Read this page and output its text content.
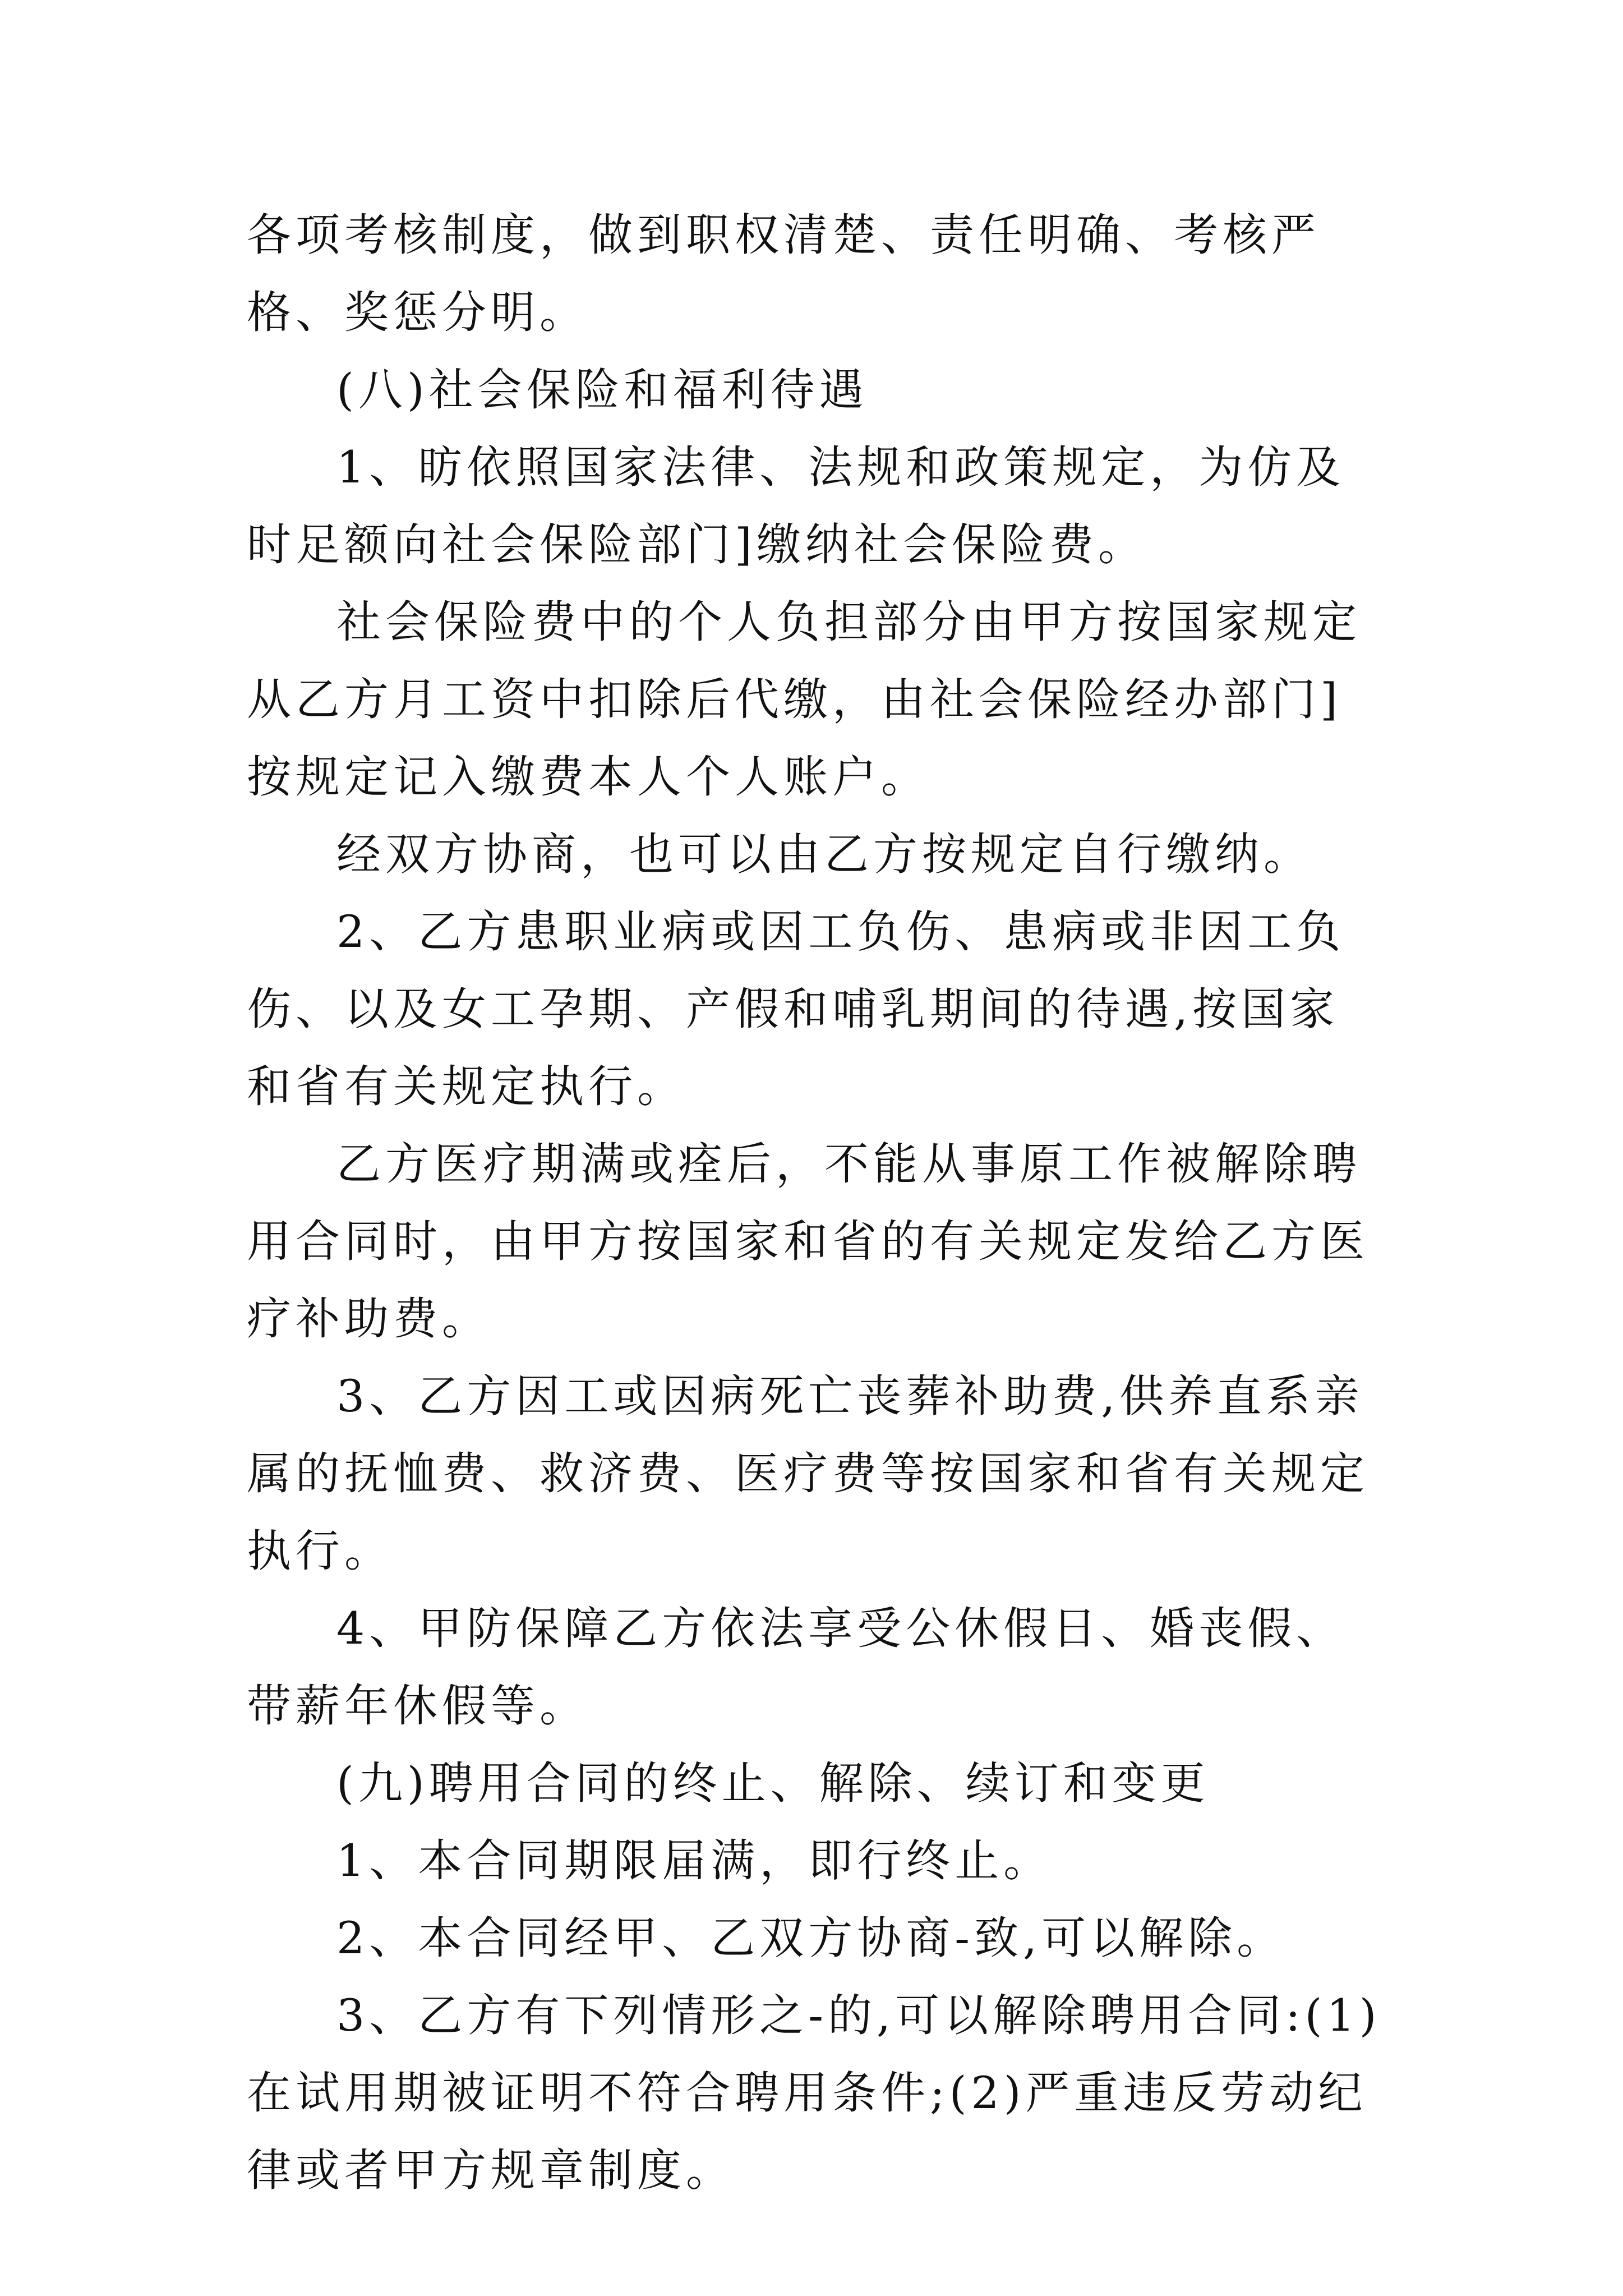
各项考核制度，做到职权清楚、责任明确、考核严格、奖惩分明。

(八)社会保险和福利待遇

1、昉依照国家法律、法规和政策规定，为仿及时足额向社会保险部门]缴纳社会保险费。

社会保险费中的个人负担部分由甲方按国家规定从乙方月工资中扣除后代缴，由社会保险经办部门]按规定记入缴费本人个人账户。

经双方协商，也可以由乙方按规定自行缴纳。

2、乙方患职业病或因工负伤、患病或非因工负伤、以及女工孕期、产假和哺乳期间的待遇,按国家和省有关规定执行。

乙方医疗期满或痊后，不能从事原工作被解除聘用合同时，由甲方按国家和省的有关规定发给乙方医疗补助费。

3、乙方因工或因病死亡丧葬补助费,供养直系亲属的抚恤费、救济费、医疗费等按国家和省有关规定执行。

4、甲防保障乙方依法享受公休假日、婚丧假、带薪年休假等。

(九)聘用合同的终止、解除、续订和变更

1、本合同期限届满，即行终止。

2、本合同经甲、乙双方协商-致,可以解除。

3、乙方有下列情形之-的,可以解除聘用合同:(1)在试用期被证明不符合聘用条件;(2)严重违反劳动纪律或者甲方规章制度。
